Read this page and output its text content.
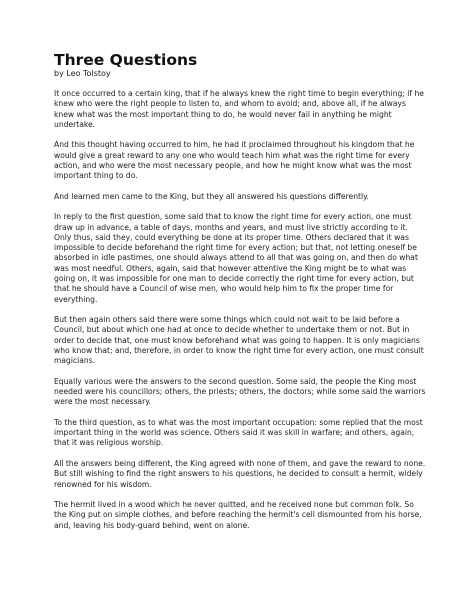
Three Questions

by Leo Tolstoy

It once occurred to a certain king, that if he always knew the right time to begin everything; if he knew who were the right people to listen to, and whom to avoid; and, above all, if he always knew what was the most important thing to do, he would never fail in anything he might undertake.

And this thought having occurred to him, he had it proclaimed throughout his kingdom that he would give a great reward to any one who would teach him what was the right time for every action, and who were the most necessary people, and how he might know what was the most important thing to do.

And learned men came to the King, but they all answered his questions differently.

In reply to the first question, some said that to know the right time for every action, one must draw up in advance, a table of days, months and years, and must live strictly according to it. Only thus, said they, could everything be done at its proper time. Others declared that it was impossible to decide beforehand the right time for every action; but that, not letting oneself be absorbed in idle pastimes, one should always attend to all that was going on, and then do what was most needful. Others, again, said that however attentive the King might be to what was going on, it was impossible for one man to decide correctly the right time for every action, but that he should have a Council of wise men, who would help him to fix the proper time for everything.

But then again others said there were some things which could not wait to be laid before a Council, but about which one had at once to decide whether to undertake them or not. But in order to decide that, one must know beforehand what was going to happen. It is only magicians who know that; and, therefore, in order to know the right time for every action, one must consult magicians.

Equally various were the answers to the second question. Some said, the people the King most needed were his councillors; others, the priests; others, the doctors; while some said the warriors were the most necessary.

To the third question, as to what was the most important occupation: some replied that the most important thing in the world was science. Others said it was skill in warfare; and others, again, that it was religious worship.

All the answers being different, the King agreed with none of them, and gave the reward to none. But still wishing to find the right answers to his questions, he decided to consult a hermit, widely renowned for his wisdom.

The hermit lived in a wood which he never quitted, and he received none but common folk. So the King put on simple clothes, and before reaching the hermit's cell dismounted from his horse, and, leaving his body-guard behind, went on alone.
